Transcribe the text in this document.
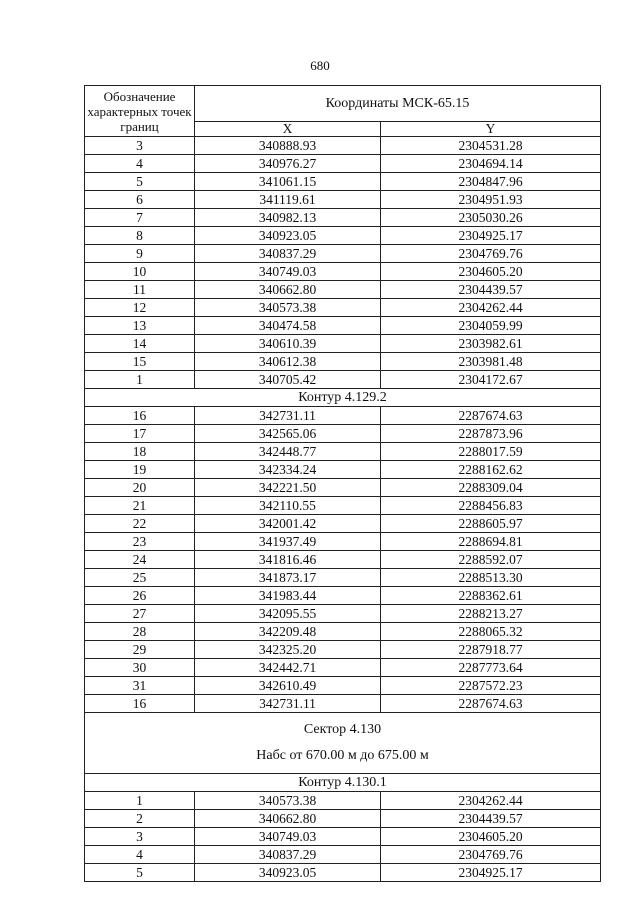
680
Обозначение характерных точек границ	Координаты МСК-65.15	
	X	Y
3	340888.93	2304531.28
4	340976.27	2304694.14
5	341061.15	2304847.96
6	341119.61	2304951.93
7	340982.13	2305030.26
8	340923.05	2304925.17
9	340837.29	2304769.76
10	340749.03	2304605.20
11	340662.80	2304439.57
12	340573.38	2304262.44
13	340474.58	2304059.99
14	340610.39	2303982.61
15	340612.38	2303981.48
1	340705.42	2304172.67
Контур 4.129.2		
16	342731.11	2287674.63
17	342565.06	2287873.96
18	342448.77	2288017.59
19	342334.24	2288162.62
20	342221.50	2288309.04
21	342110.55	2288456.83
22	342001.42	2288605.97
23	341937.49	2288694.81
24	341816.46	2288592.07
25	341873.17	2288513.30
26	341983.44	2288362.61
27	342095.55	2288213.27
28	342209.48	2288065.32
29	342325.20	2287918.77
30	342442.71	2287773.64
31	342610.49	2287572.23
16	342731.11	2287674.63

Сектор 4.130
Нaбс от 670.00 м до 675.00 м		

Контур 4.130.1		
1	340573.38	2304262.44
2	340662.80	2304439.57
3	340749.03	2304605.20
4	340837.29	2304769.76
5	340923.05	2304925.17
